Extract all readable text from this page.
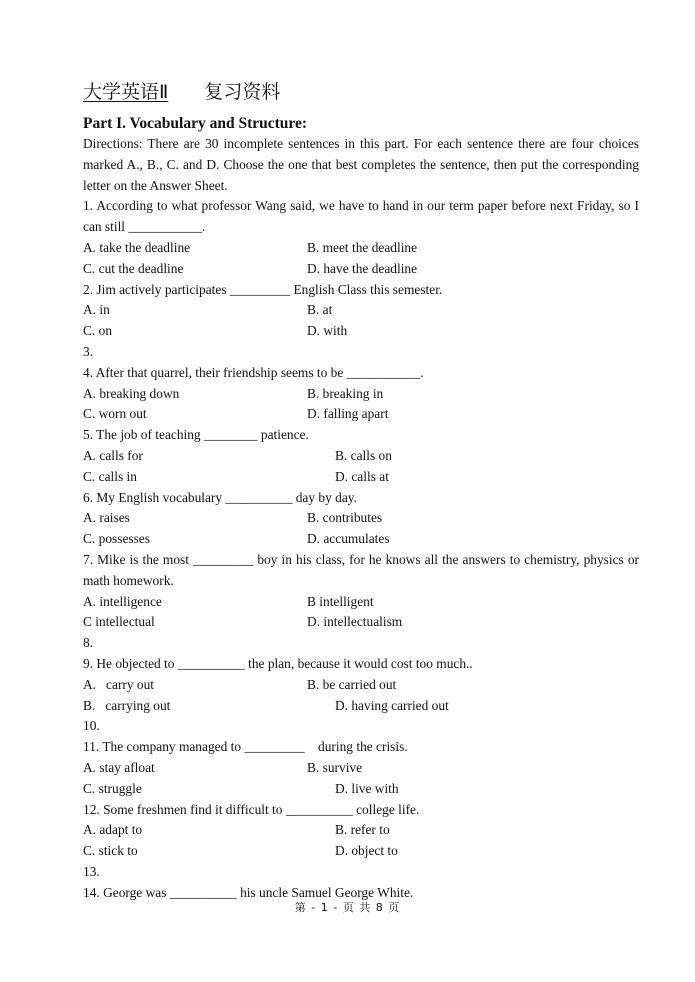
大学英语Ⅱ 复习资料
Part I. Vocabulary and Structure:
Directions: There are 30 incomplete sentences in this part. For each sentence there are four choices marked A., B., C. and D. Choose the one that best completes the sentence, then put the corresponding letter on the Answer Sheet.
1. According to what professor Wang said, we have to hand in our term paper before next Friday, so I can still ___________.
A. take the deadline	B. meet the deadline
C. cut the deadline	D. have the deadline
2. Jim actively participates _________ English Class this semester.
A. in	B. at
C. on	D. with
3.
4. After that quarrel, their friendship seems to be ___________.
A. breaking down	B. breaking in
C. worn out	D. falling apart
5. The job of teaching ________ patience.
A. calls for	B. calls on
C. calls in	D. calls at
6. My English vocabulary __________ day by day.
A. raises	B. contributes
C. possesses	D. accumulates
7. Mike is the most _________ boy in his class, for he knows all the answers to chemistry, physics or math homework.
A. intelligence	B intelligent
C intellectual	D. intellectualism
8.
9. He objected to __________ the plan, because it would cost too much..
A.   carry out	B. be carried out
B.   carrying out	D. having carried out
10.
11. The company managed to _________    during the crisis.
A. stay afloat	B. survive
C. struggle	D. live with
12. Some freshmen find it difficult to __________ college life.
A. adapt to	B. refer to
C. stick to	D. object to
13.
14. George was __________ his uncle Samuel George White.
第 - 1 - 页 共 8 页
